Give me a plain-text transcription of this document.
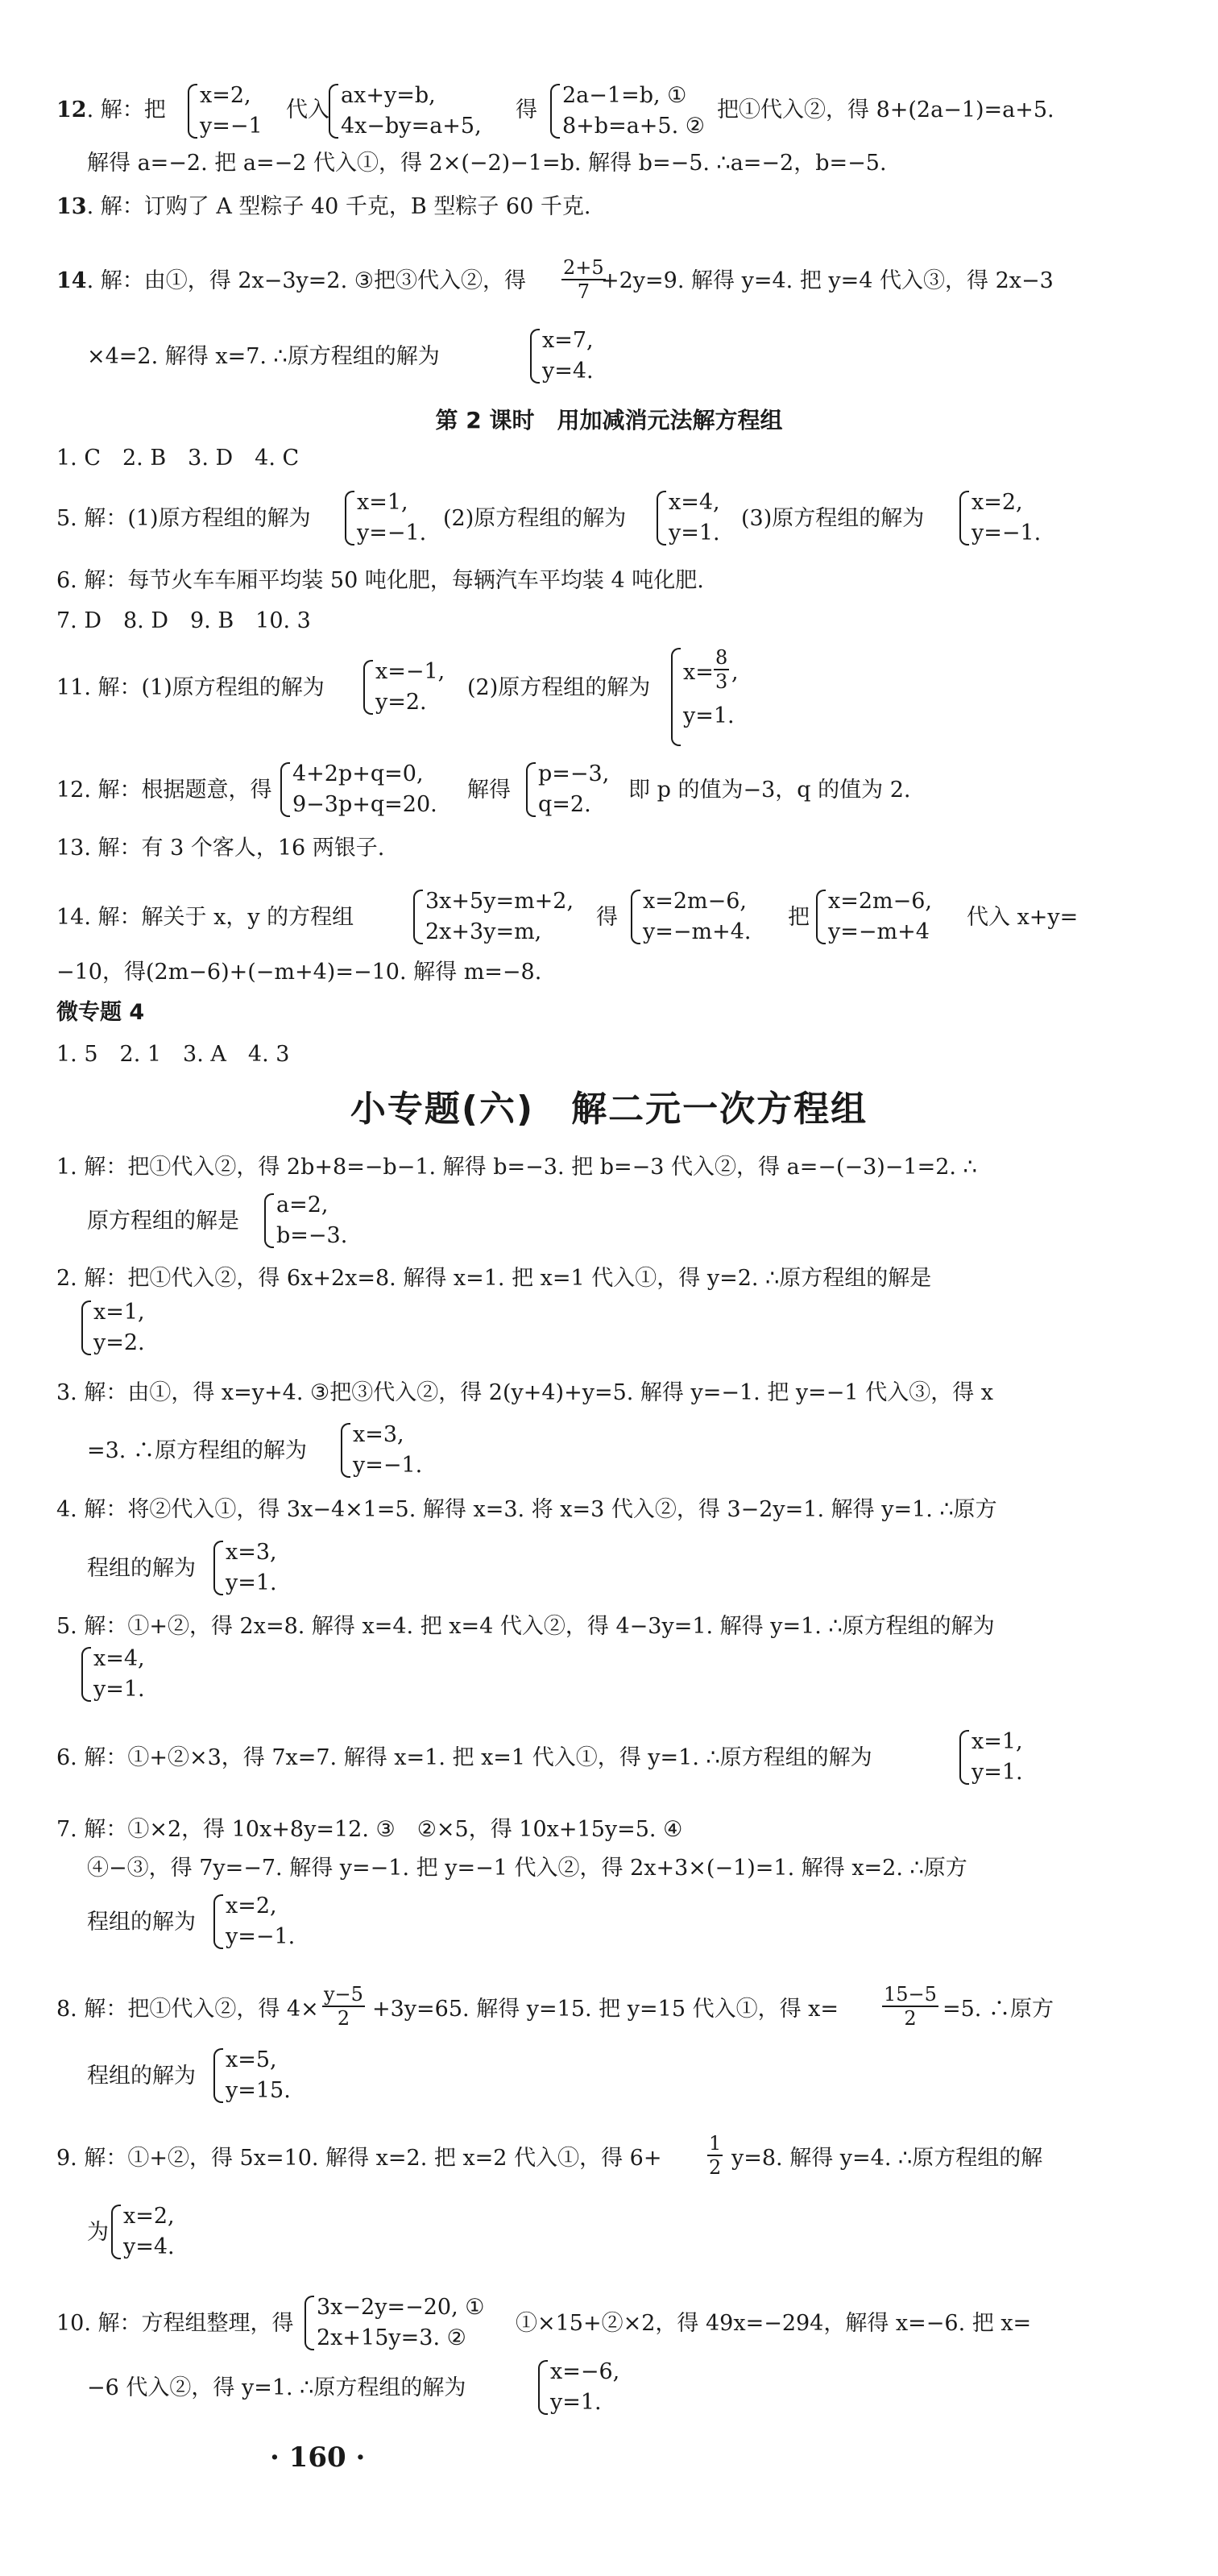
12. 解：把
x=2,
y=−1
代入
ax+y=b,
4x−by=a+5,
得
2a−1=b, ①
8+b=a+5. ②
把①代入②，得 8+(2a−1)=a+5.
解得 a=−2. 把 a=−2 代入①，得 2×(−2)−1=b. 解得 b=−5. ∴a=−2，b=−5.
13. 解：订购了 A 型粽子 40 千克，B 型粽子 60 千克.
14. 解：由①，得 2x−3y=2. ③把③代入②，得	$\frac{2+5}{7}$
+2y=9. 解得 y=4. 把 y=4 代入③，得 2x−3
×4=2. 解得 x=7. ∴原方程组的解为
x=7,
y=4.
第 2 课时　用加减消元法解方程组
1. C　2. B　3. D　4. C
5. 解：(1)原方程组的解为
x=1,
y=−1.
(2)原方程组的解为
x=4,
y=1.
(3)原方程组的解为
x=2,
y=−1.
6. 解：每节火车车厢平均装 50 吨化肥，每辆汽车平均装 4 吨化肥.
7. D　8. D　9. B　10. 3
11. 解：(1)原方程组的解为
x=−1,
y=2.
(2)原方程组的解为
$x= \frac{8}{3}$ ,
y=1.
12. 解：根据题意，得
4+2p+q=0,
9−3p+q=20.
解得
p=−3,
q=2.
即 p 的值为−3，q 的值为 2.
13. 解：有 3 个客人，16 两银子.
14. 解：解关于 x，y 的方程组
3x+5y=m+2,
2x+3y=m,
得
x=2m−6,
y=−m+4.
把
x=2m−6,
y=−m+4
代入 x+y=
−10，得(2m−6)+(−m+4)=−10. 解得 m=−8.
微专题 4
1. 5　2. 1　3. A　4. 3
小专题(六)　解二元一次方程组
1. 解：把①代入②，得 2b+8=−b−1. 解得 b=−3. 把 b=−3 代入②，得 a=−(−3)−1=2. ∴
原方程组的解是
a=2,
b=−3.
2. 解：把①代入②，得 6x+2x=8. 解得 x=1. 把 x=1 代入①，得 y=2. ∴原方程组的解是
x=1,
y=2.
3. 解：由①，得 x=y+4. ③把③代入②，得 2(y+4)+y=5. 解得 y=−1. 把 y=−1 代入③，得 x
=3. ∴原方程组的解为
x=3,
y=−1.
4. 解：将②代入①，得 3x−4×1=5. 解得 x=3. 将 x=3 代入②，得 3−2y=1. 解得 y=1. ∴原方
程组的解为
x=3,
y=1.
5. 解：①+②，得 2x=8. 解得 x=4. 把 x=4 代入②，得 4−3y=1. 解得 y=1. ∴原方程组的解为
x=4,
y=1.
6. 解：①+②×3，得 7x=7. 解得 x=1. 把 x=1 代入①，得 y=1. ∴原方程组的解为
x=1,
y=1.
7. 解：①×2，得 10x+8y=12. ③　②×5，得 10x+15y=5. ④
④−③，得 7y=−7. 解得 y=−1. 把 y=−1 代入②，得 2x+3×(−1)=1. 解得 x=2. ∴原方
程组的解为
x=2,
y=−1.
8. 解：把①代入②，得 $4\times \frac{y-5}{2} +3y=65$. 解得 y=15. 把 y=15 代入①，得 x=	$\frac{15-5}{2} =5$. ∴原方
程组的解为
x=5,
y=15.
9. 解：①+②，得 5x=10. 解得 x=2. 把 x=2 代入①，得 6+	$\frac{1}{2} y=8$. 解得 y=4. ∴原方程组的解
为
x=2,
y=4.
10. 解：方程组整理，得
3x−2y=−20, ①
2x+15y=3. ②
①×15+②×2，得 49x=−294，解得 x=−6. 把 x=
−6 代入②，得 y=1. ∴原方程组的解为
x=−6,
y=1.
· 160 ·
